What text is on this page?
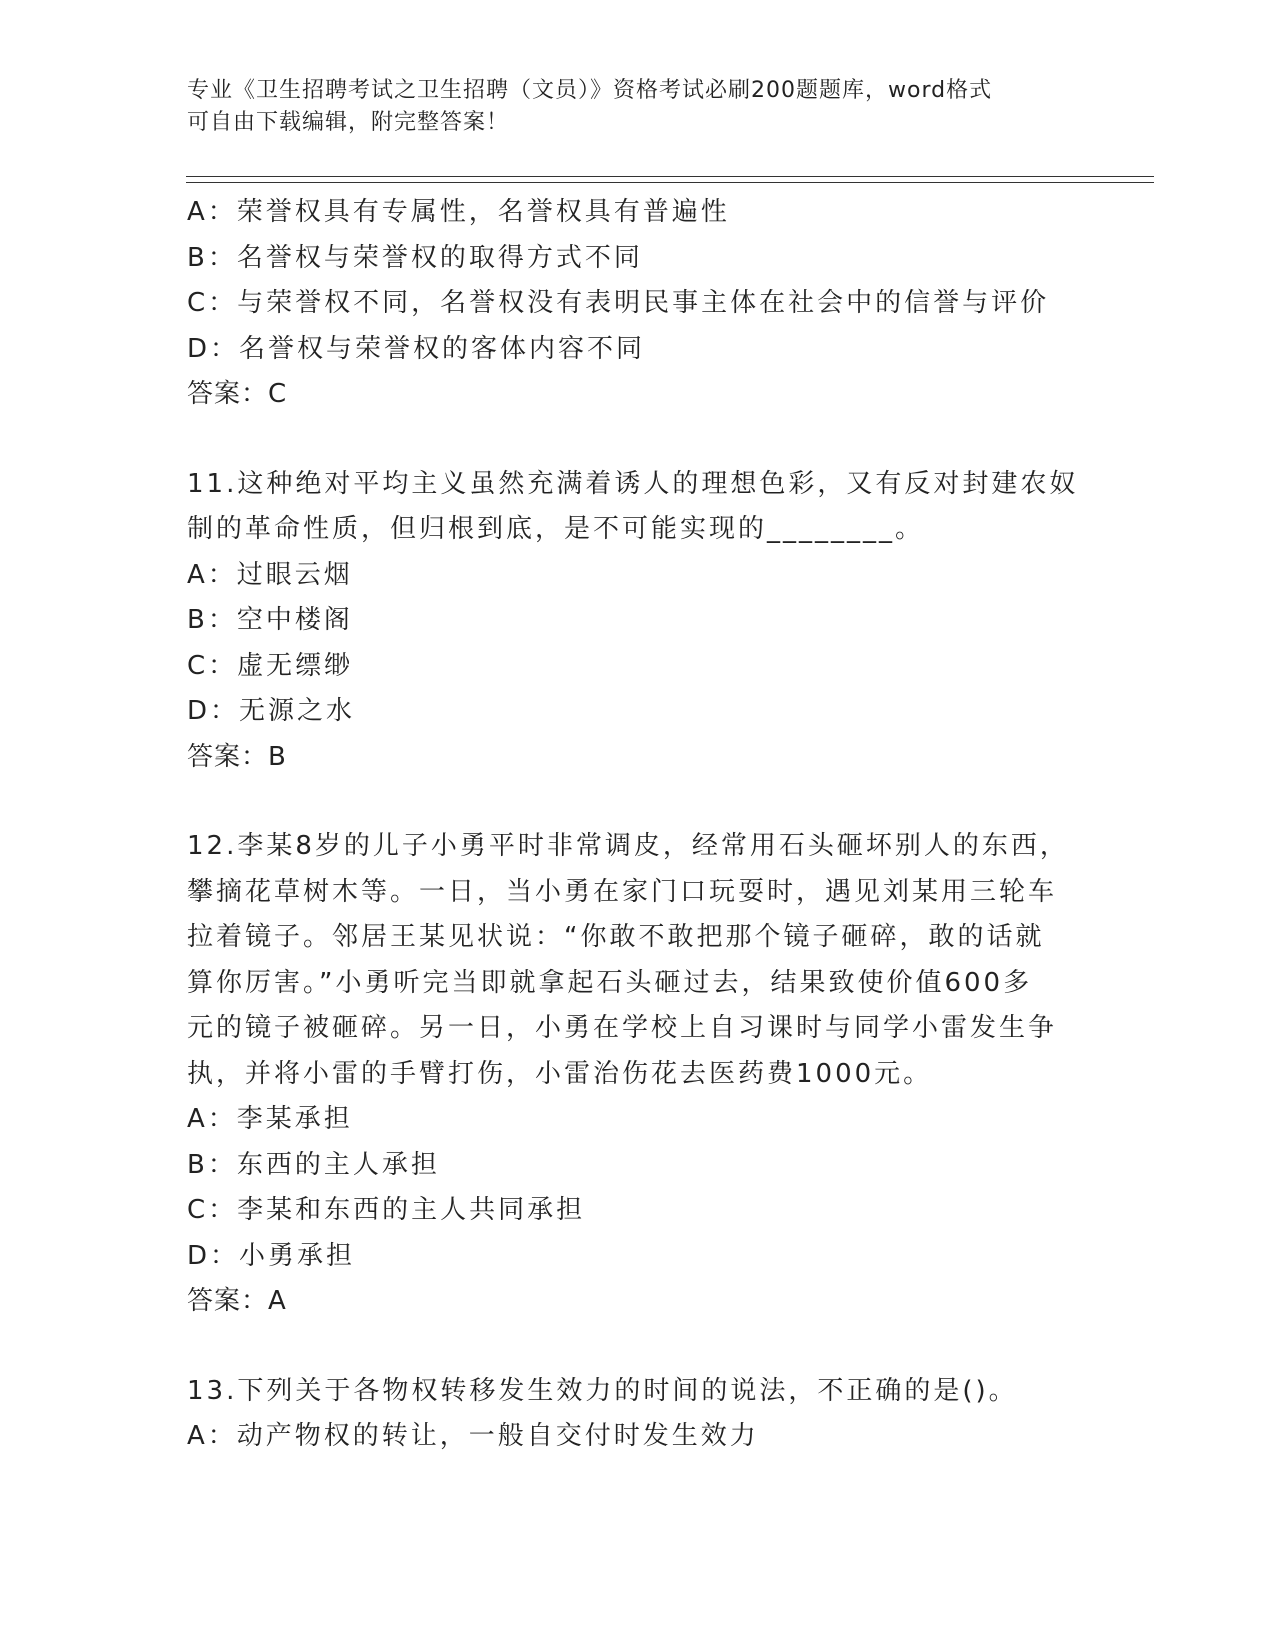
专业《卫生招聘考试之卫生招聘（文员）》资格考试必刷200题题库，word格式
可自由下载编辑，附完整答案！
A：荣誉权具有专属性，名誉权具有普遍性
B：名誉权与荣誉权的取得方式不同
C：与荣誉权不同，名誉权没有表明民事主体在社会中的信誉与评价
D：名誉权与荣誉权的客体内容不同
答案：C
11.这种绝对平均主义虽然充满着诱人的理想色彩，又有反对封建农奴
制的革命性质，但归根到底，是不可能实现的________。
A：过眼云烟
B：空中楼阁
C：虚无缥缈
D：无源之水
答案：B
12.李某8岁的儿子小勇平时非常调皮，经常用石头砸坏别人的东西，
攀摘花草树木等。一日，当小勇在家门口玩耍时，遇见刘某用三轮车
拉着镜子。邻居王某见状说：“你敢不敢把那个镜子砸碎，敢的话就
算你厉害。”小勇听完当即就拿起石头砸过去，结果致使价值600多
元的镜子被砸碎。另一日，小勇在学校上自习课时与同学小雷发生争
执，并将小雷的手臂打伤，小雷治伤花去医药费1000元。
A：李某承担
B：东西的主人承担
C：李某和东西的主人共同承担
D：小勇承担
答案：A
13.下列关于各物权转移发生效力的时间的说法，不正确的是()。
A：动产物权的转让，一般自交付时发生效力
